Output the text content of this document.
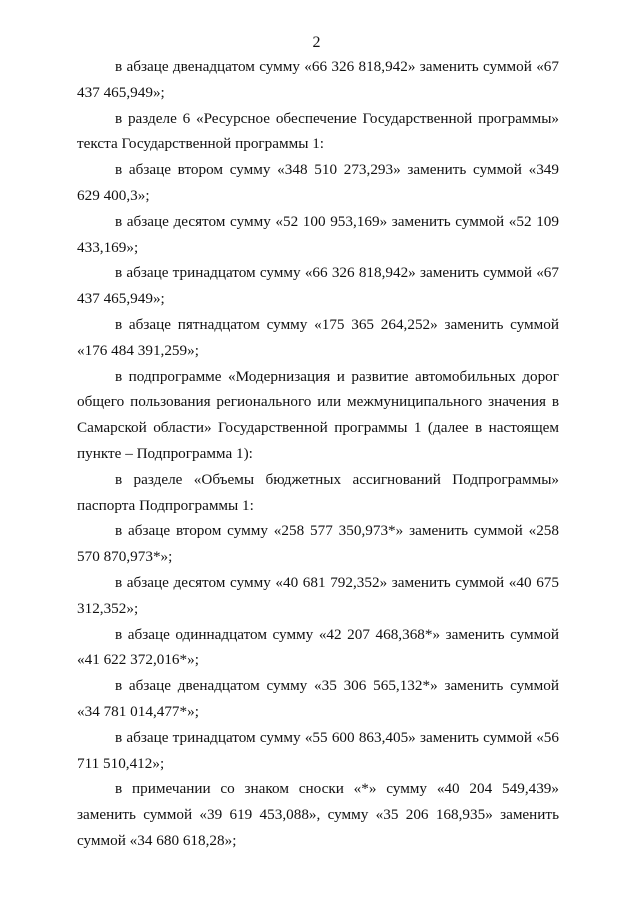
2

в абзаце двенадцатом сумму «66 326 818,942» заменить суммой «67 437 465,949»;

в разделе 6 «Ресурсное обеспечение Государственной программы» текста Государственной программы 1:

в абзаце втором сумму «348 510 273,293» заменить суммой «349 629 400,3»;

в абзаце десятом сумму «52 100 953,169» заменить суммой «52 109 433,169»;

в абзаце тринадцатом сумму «66 326 818,942» заменить суммой «67 437 465,949»;

в абзаце пятнадцатом сумму «175 365 264,252» заменить суммой «176 484 391,259»;

в подпрограмме «Модернизация и развитие автомобильных дорог общего пользования регионального или межмуниципального значения в Самарской области» Государственной программы 1 (далее в настоящем пункте – Подпрограмма 1):

в разделе «Объемы бюджетных ассигнований Подпрограммы» паспорта Подпрограммы 1:

в абзаце втором сумму «258 577 350,973*» заменить суммой «258 570 870,973*»;

в абзаце десятом сумму «40 681 792,352» заменить суммой «40 675 312,352»;

в абзаце одиннадцатом сумму «42 207 468,368*» заменить суммой «41 622 372,016*»;

в абзаце двенадцатом сумму «35 306 565,132*» заменить суммой «34 781 014,477*»;

в абзаце тринадцатом сумму «55 600 863,405» заменить суммой «56 711 510,412»;

в примечании со знаком сноски «*» сумму «40 204 549,439» заменить суммой «39 619 453,088», сумму «35 206 168,935» заменить суммой «34 680 618,28»;
